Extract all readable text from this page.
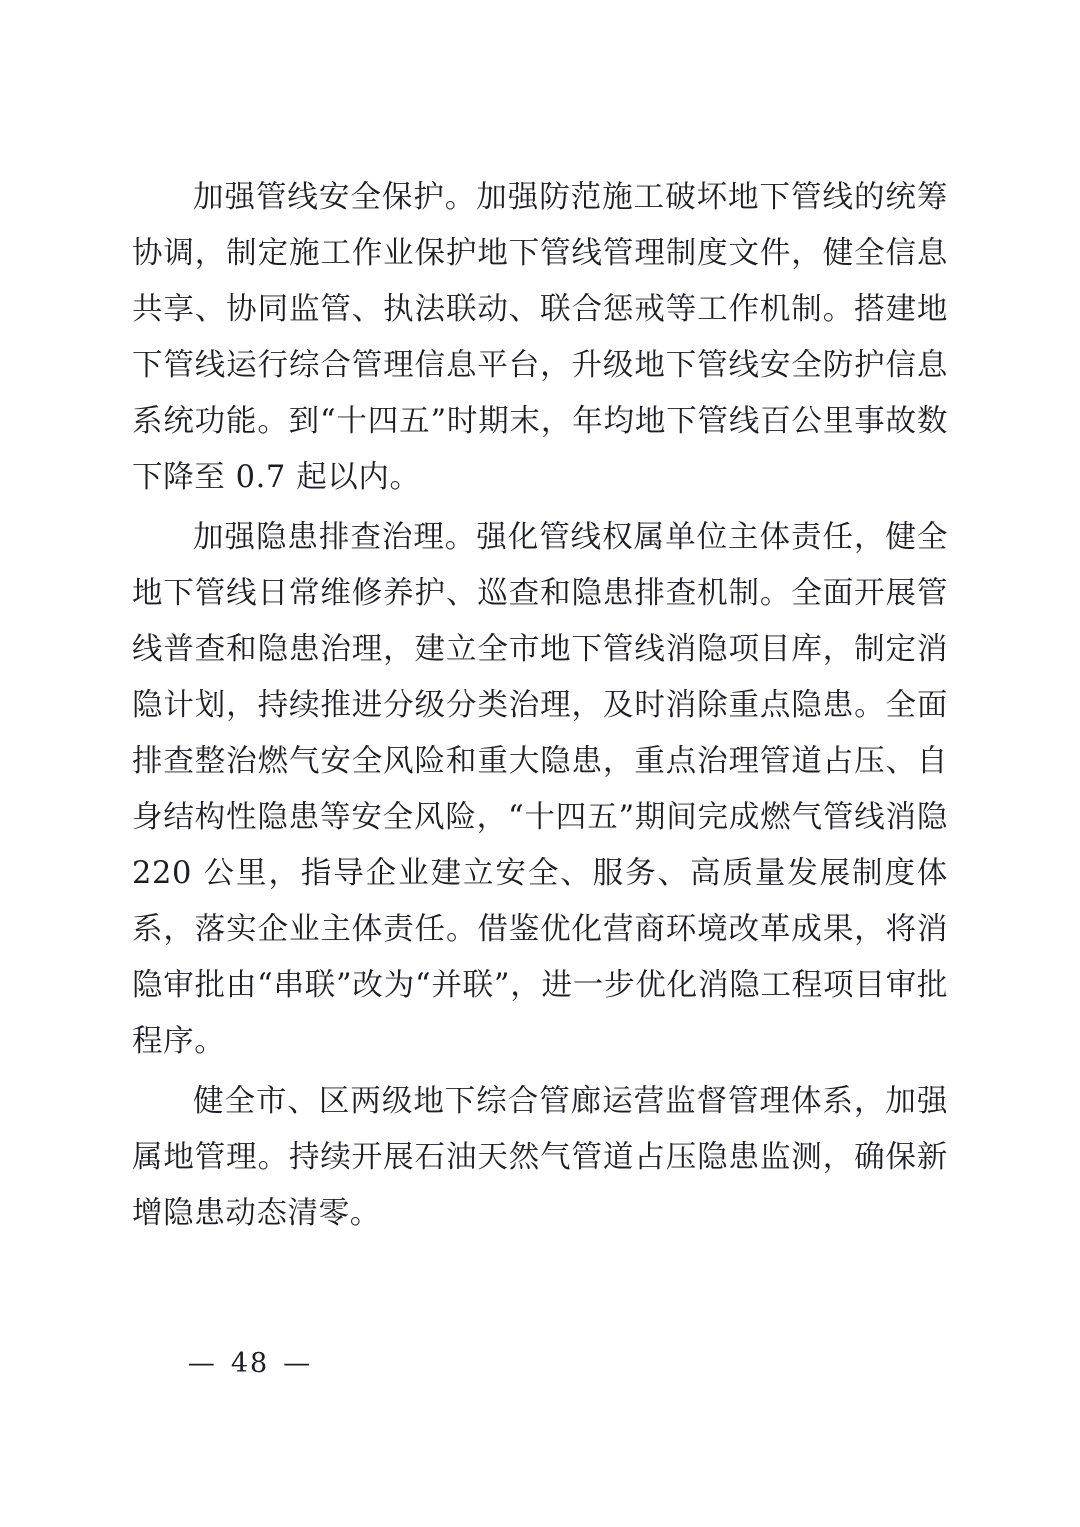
加强管线安全保护。加强防范施工破坏地下管线的统筹协调，制定施工作业保护地下管线管理制度文件，健全信息共享、协同监管、执法联动、联合惩戒等工作机制。搭建地下管线运行综合管理信息平台，升级地下管线安全防护信息系统功能。到“十四五”时期末，年均地下管线百公里事故数下降至 0.7 起以内。

加强隐患排查治理。强化管线权属单位主体责任，健全地下管线日常维修养护、巡查和隐患排查机制。全面开展管线普查和隐患治理，建立全市地下管线消隐项目库，制定消隐计划，持续推进分级分类治理，及时消除重点隐患。全面排查整治燃气安全风险和重大隐患，重点治理管道占压、自身结构性隐患等安全风险，“十四五”期间完成燃气管线消隐 220 公里，指导企业建立安全、服务、高质量发展制度体系，落实企业主体责任。借鉴优化营商环境改革成果，将消隐审批由“串联”改为“并联”，进一步优化消隐工程项目审批程序。

健全市、区两级地下综合管廊运营监督管理体系，加强属地管理。持续开展石油天然气管道占压隐患监测，确保新增隐患动态清零。

— 48 —
